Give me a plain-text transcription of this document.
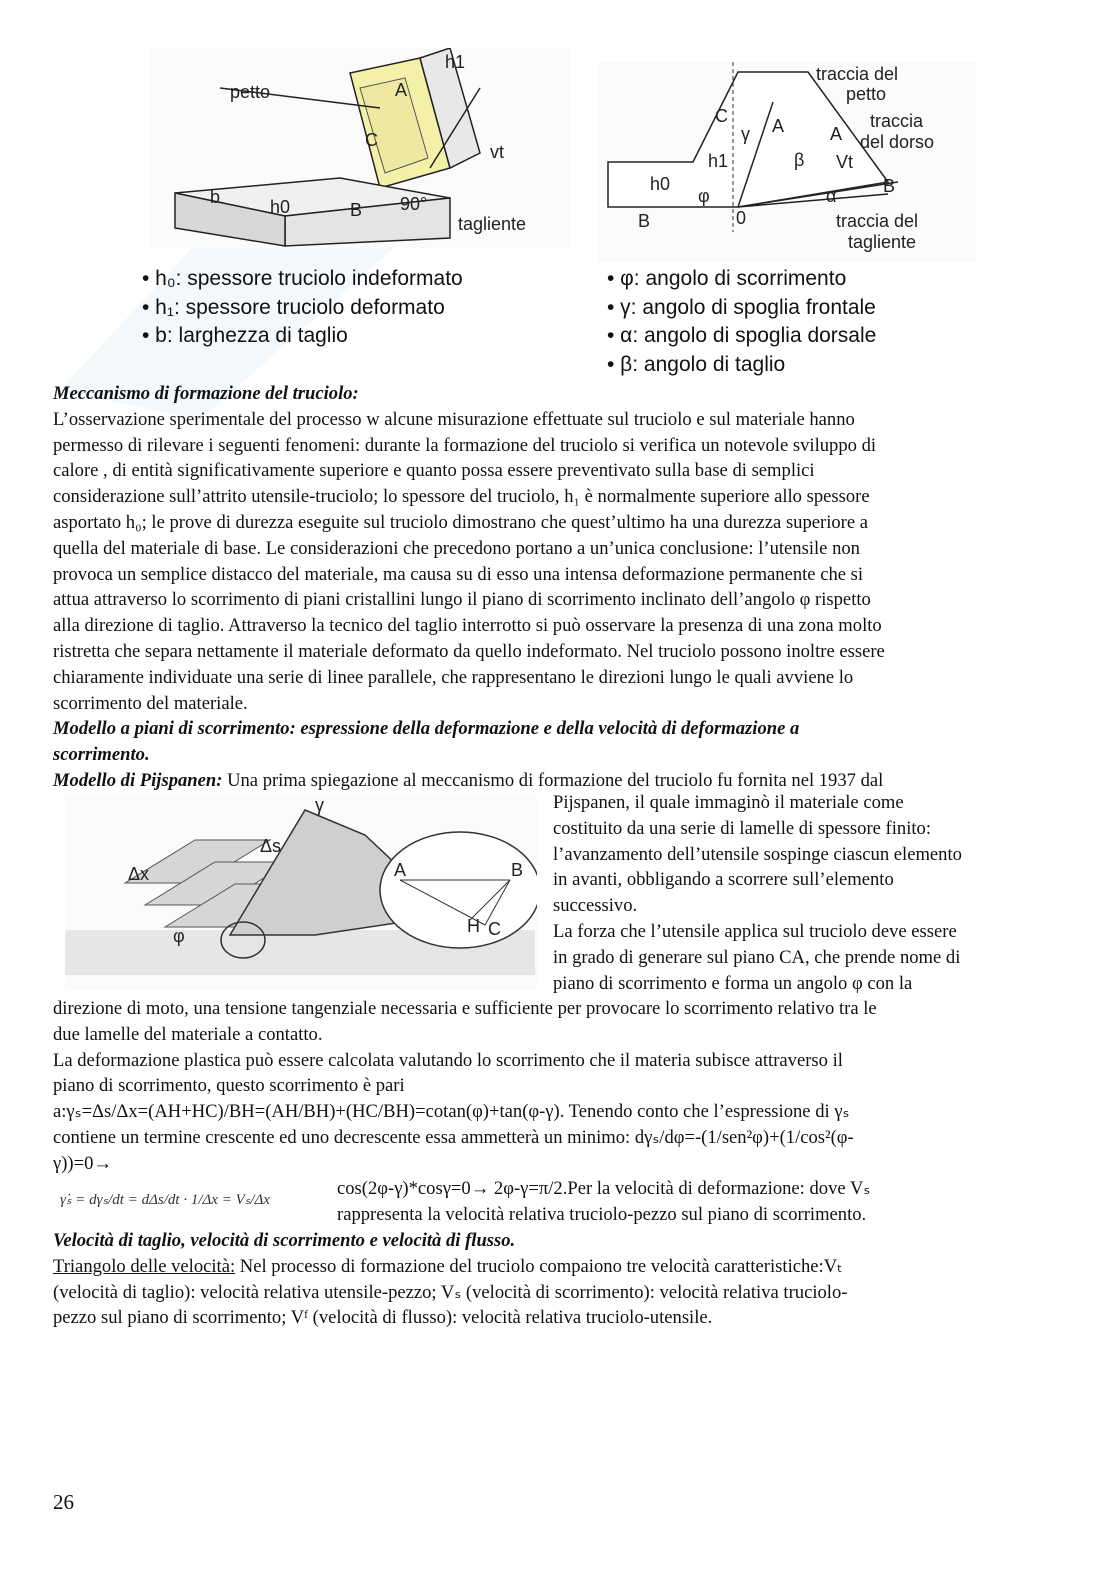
petto	A
C
B
h1
vt
b	h0	90°
tagliente
• h₀: spessore truciolo indeformato
• h₁: spessore truciolo deformato
• b: larghezza di taglio
traccia del
petto
traccia
del dorso
traccia del
tagliente
C A	A
B
γ
h1
h0
φ
β
α
Vt
0
B
• φ: angolo di scorrimento
• γ: angolo di spoglia frontale
• α: angolo di spoglia dorsale
• β: angolo di taglio
Meccanismo di formazione del truciolo:
L’osservazione sperimentale del processo w alcune misurazione effettuate sul truciolo e sul materiale hanno
permesso di rilevare i seguenti fenomeni: durante la formazione del truciolo si verifica un notevole sviluppo di
calore , di entità significativamente superiore e quanto possa essere preventivato sulla base di semplici
considerazione sull’attrito utensile-truciolo; lo spessore del truciolo, h₁ è normalmente superiore allo spessore
asportato h₀; le prove di durezza eseguite sul truciolo dimostrano che quest’ultimo ha una durezza superiore a
quella del materiale di base. Le considerazioni che precedono portano a un’unica conclusione: l’utensile non
provoca un semplice distacco del materiale, ma causa su di esso una intensa deformazione permanente che si
attua attraverso lo scorrimento di piani cristallini lungo il piano di scorrimento inclinato dell’angolo φ rispetto
alla direzione di taglio. Attraverso la tecnico del taglio interrotto si può osservare la presenza di una zona molto
ristretta che separa nettamente il materiale deformato da quello indeformato. Nel truciolo possono inoltre essere
chiaramente individuate una serie di linee parallele, che rappresentano le direzioni lungo le quali avviene lo
scorrimento del materiale.
Modello a piani di scorrimento: espressione della deformazione e della velocità di deformazione a
scorrimento.
Modello di Pijspanen: Una prima spiegazione al meccanismo di formazione del truciolo fu fornita nel 1937 dal
Δs
Δx
γ
φ
A	B
H C
Pijspanen, il quale immaginò il materiale come
costituito da una serie di lamelle di spessore finito:
l’avanzamento dell’utensile sospinge ciascun elemento
in avanti, obbligando a scorrere sull’elemento
successivo.
La forza che l’utensile applica sul truciolo deve essere
in grado di generare sul piano CA, che prende nome di
piano di scorrimento e forma un angolo φ con la
direzione di moto, una tensione tangenziale necessaria e sufficiente per provocare lo scorrimento relativo tra le
due lamelle del materiale a contatto.
La deformazione plastica può essere calcolata valutando lo scorrimento che il materia subisce attraverso il
piano di scorrimento, questo scorrimento è pari
a:γₛ=Δs/Δx=(AH+HC)/BH=(AH/BH)+(HC/BH)=cotan(φ)+tan(φ-γ). Tenendo conto che l’espressione di γₛ
contiene un termine crescente ed uno decrescente essa ammetterà un minimo: dγₛ/dφ=-(1/sen²φ)+(1/cos²(φ-
γ))=0→
γ̇ₛ = dγₛ/dt = dΔs/dt · 1/Δx = Vₛ/Δx
cos(2φ-γ)*cosγ=0→ 2φ-γ=π/2.Per la velocità di deformazione: dove Vₛ
rappresenta la velocità relativa truciolo-pezzo sul piano di scorrimento.
Velocità di taglio, velocità di scorrimento e velocità di flusso.
Triangolo delle velocità: Nel processo di formazione del truciolo compaiono tre velocità caratteristiche:Vₜ
(velocità di taglio): velocità relativa utensile-pezzo; Vₛ (velocità di scorrimento): velocità relativa truciolo-
pezzo sul piano di scorrimento; Vᶠ (velocità di flusso): velocità relativa truciolo-utensile.
26
